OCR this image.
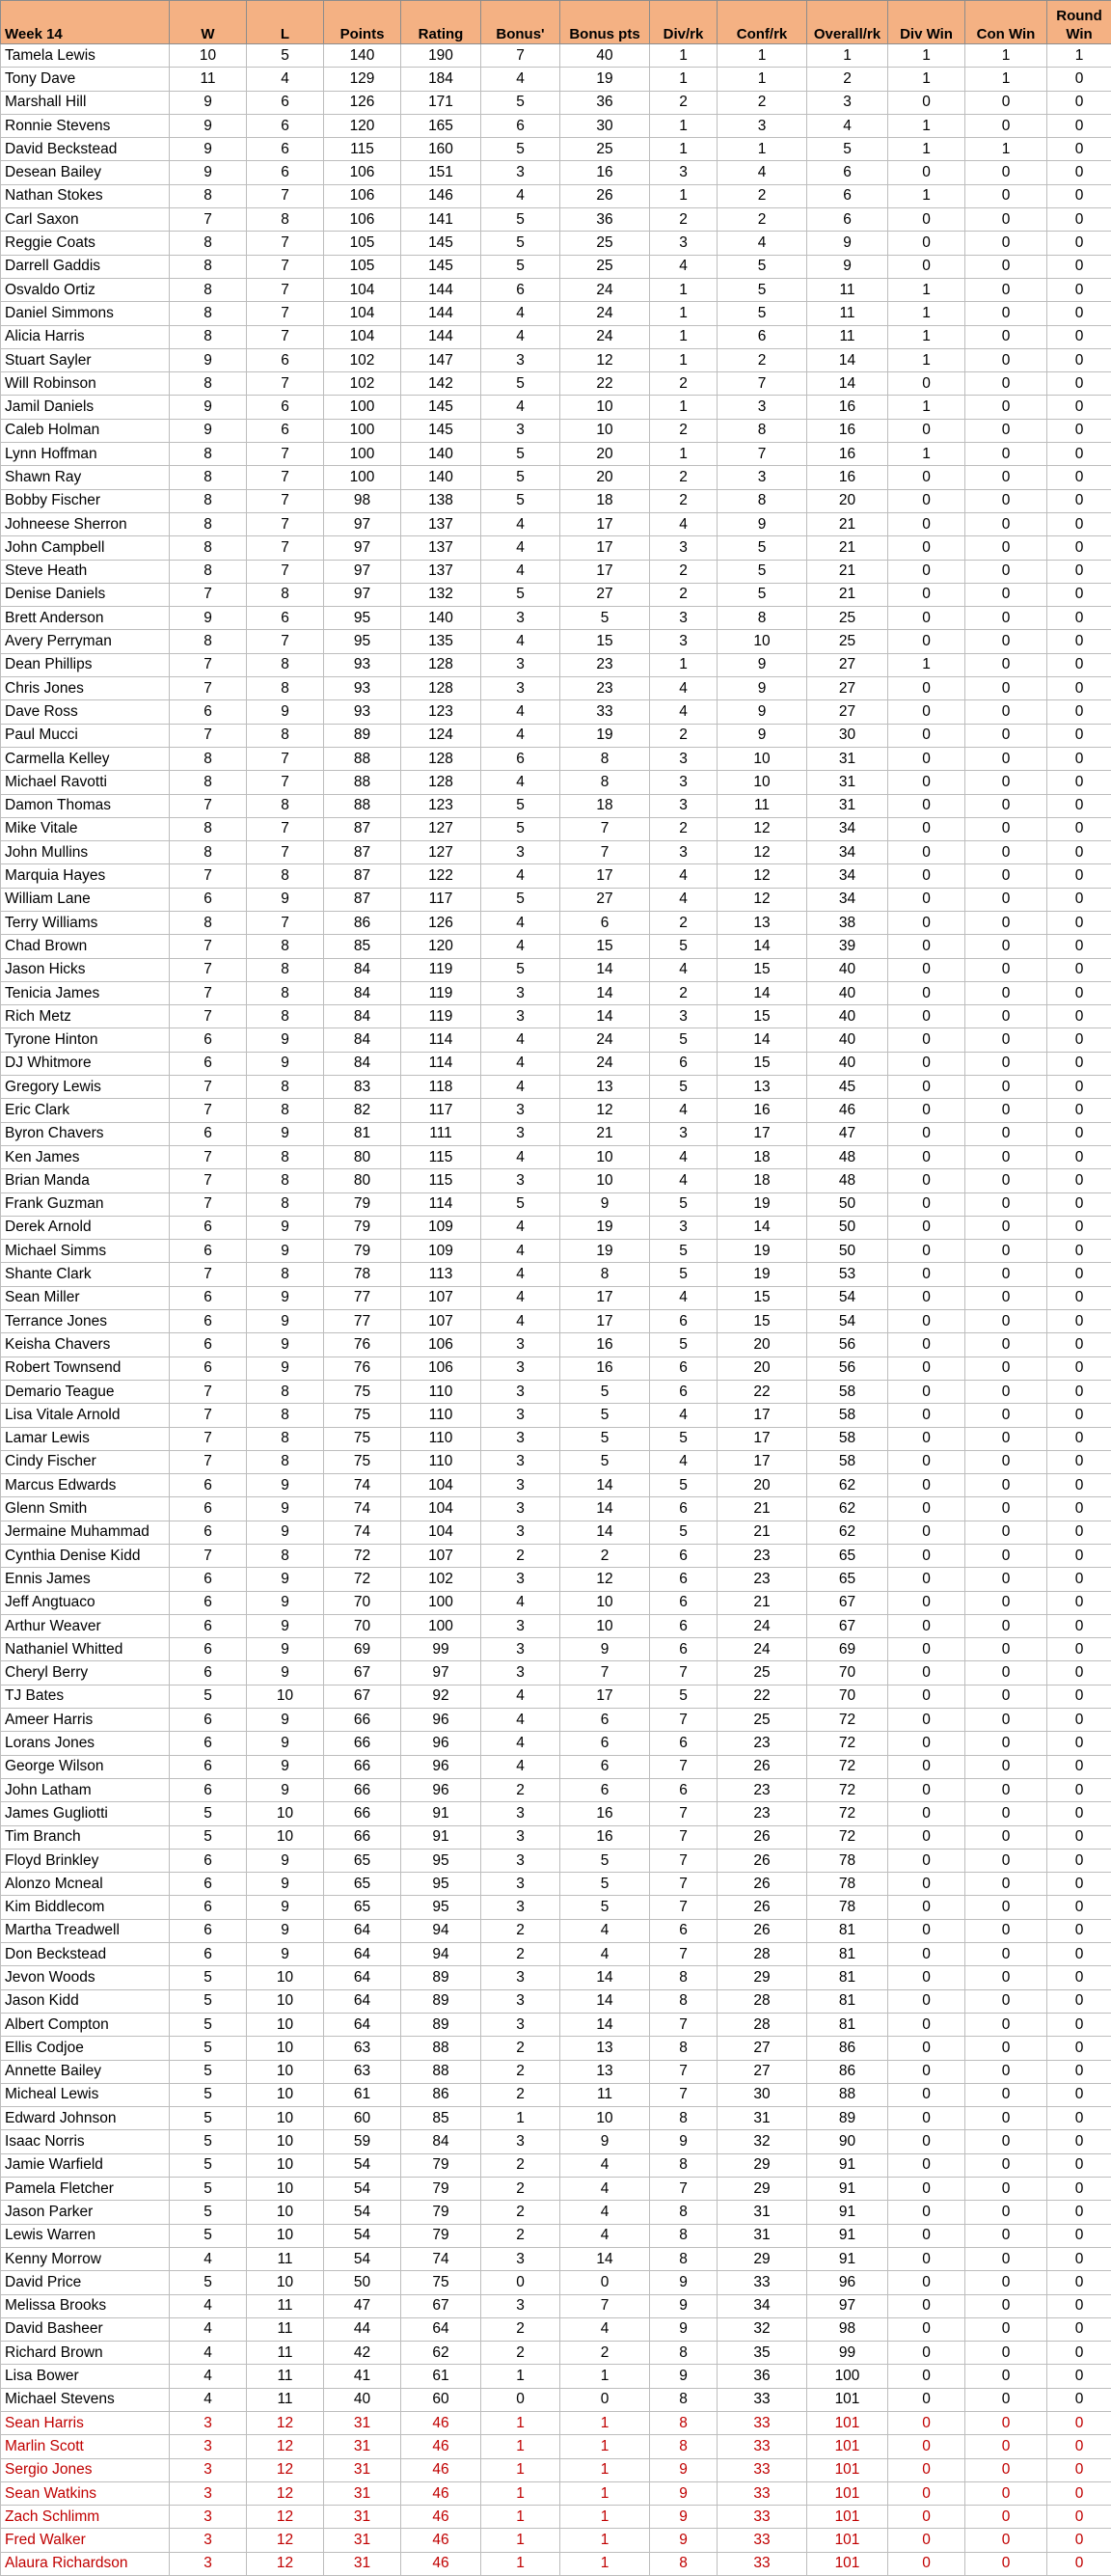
Week 14	W	L	Points	Rating	Bonus'	Bonus pts	Div/rk	Conf/rk	Overall/rk	Div Win	Con Win	Round Win
Tamela Lewis	10	5	140	190	7	40	1	1	1	1	1	1
Tony Dave	11	4	129	184	4	19	1	1	2	1	1	0
Marshall Hill	9	6	126	171	5	36	2	2	3	0	0	0
Ronnie Stevens	9	6	120	165	6	30	1	3	4	1	0	0
David Beckstead	9	6	115	160	5	25	1	1	5	1	1	0
Desean Bailey	9	6	106	151	3	16	3	4	6	0	0	0
Nathan Stokes	8	7	106	146	4	26	1	2	6	1	0	0
Carl Saxon	7	8	106	141	5	36	2	2	6	0	0	0
Reggie Coats	8	7	105	145	5	25	3	4	9	0	0	0
Darrell Gaddis	8	7	105	145	5	25	4	5	9	0	0	0
Osvaldo Ortiz	8	7	104	144	6	24	1	5	11	1	0	0
Daniel Simmons	8	7	104	144	4	24	1	5	11	1	0	0
Alicia Harris	8	7	104	144	4	24	1	6	11	1	0	0
Stuart Sayler	9	6	102	147	3	12	1	2	14	1	0	0
Will Robinson	8	7	102	142	5	22	2	7	14	0	0	0
Jamil Daniels	9	6	100	145	4	10	1	3	16	1	0	0
Caleb Holman	9	6	100	145	3	10	2	8	16	0	0	0
Lynn Hoffman	8	7	100	140	5	20	1	7	16	1	0	0
Shawn Ray	8	7	100	140	5	20	2	3	16	0	0	0
Bobby Fischer	8	7	98	138	5	18	2	8	20	0	0	0
Johneese Sherron	8	7	97	137	4	17	4	9	21	0	0	0
John Campbell	8	7	97	137	4	17	3	5	21	0	0	0
Steve Heath	8	7	97	137	4	17	2	5	21	0	0	0
Denise Daniels	7	8	97	132	5	27	2	5	21	0	0	0
Brett Anderson	9	6	95	140	3	5	3	8	25	0	0	0
Avery Perryman	8	7	95	135	4	15	3	10	25	0	0	0
Dean Phillips	7	8	93	128	3	23	1	9	27	1	0	0
Chris Jones	7	8	93	128	3	23	4	9	27	0	0	0
Dave Ross	6	9	93	123	4	33	4	9	27	0	0	0
Paul Mucci	7	8	89	124	4	19	2	9	30	0	0	0
Carmella Kelley	8	7	88	128	6	8	3	10	31	0	0	0
Michael Ravotti	8	7	88	128	4	8	3	10	31	0	0	0
Damon Thomas	7	8	88	123	5	18	3	11	31	0	0	0
Mike Vitale	8	7	87	127	5	7	2	12	34	0	0	0
John Mullins	8	7	87	127	3	7	3	12	34	0	0	0
Marquia Hayes	7	8	87	122	4	17	4	12	34	0	0	0
William Lane	6	9	87	117	5	27	4	12	34	0	0	0
Terry Williams	8	7	86	126	4	6	2	13	38	0	0	0
Chad Brown	7	8	85	120	4	15	5	14	39	0	0	0
Jason Hicks	7	8	84	119	5	14	4	15	40	0	0	0
Tenicia James	7	8	84	119	3	14	2	14	40	0	0	0
Rich Metz	7	8	84	119	3	14	3	15	40	0	0	0
Tyrone Hinton	6	9	84	114	4	24	5	14	40	0	0	0
DJ Whitmore	6	9	84	114	4	24	6	15	40	0	0	0
Gregory Lewis	7	8	83	118	4	13	5	13	45	0	0	0
Eric Clark	7	8	82	117	3	12	4	16	46	0	0	0
Byron Chavers	6	9	81	111	3	21	3	17	47	0	0	0
Ken James	7	8	80	115	4	10	4	18	48	0	0	0
Brian Manda	7	8	80	115	3	10	4	18	48	0	0	0
Frank Guzman	7	8	79	114	5	9	5	19	50	0	0	0
Derek Arnold	6	9	79	109	4	19	3	14	50	0	0	0
Michael Simms	6	9	79	109	4	19	5	19	50	0	0	0
Shante Clark	7	8	78	113	4	8	5	19	53	0	0	0
Sean Miller	6	9	77	107	4	17	4	15	54	0	0	0
Terrance Jones	6	9	77	107	4	17	6	15	54	0	0	0
Keisha Chavers	6	9	76	106	3	16	5	20	56	0	0	0
Robert Townsend	6	9	76	106	3	16	6	20	56	0	0	0
Demario Teague	7	8	75	110	3	5	6	22	58	0	0	0
Lisa Vitale Arnold	7	8	75	110	3	5	4	17	58	0	0	0
Lamar Lewis	7	8	75	110	3	5	5	17	58	0	0	0
Cindy Fischer	7	8	75	110	3	5	4	17	58	0	0	0
Marcus Edwards	6	9	74	104	3	14	5	20	62	0	0	0
Glenn Smith	6	9	74	104	3	14	6	21	62	0	0	0
Jermaine Muhammad	6	9	74	104	3	14	5	21	62	0	0	0
Cynthia Denise Kidd	7	8	72	107	2	2	6	23	65	0	0	0
Ennis James	6	9	72	102	3	12	6	23	65	0	0	0
Jeff Angtuaco	6	9	70	100	4	10	6	21	67	0	0	0
Arthur Weaver	6	9	70	100	3	10	6	24	67	0	0	0
Nathaniel Whitted	6	9	69	99	3	9	6	24	69	0	0	0
Cheryl Berry	6	9	67	97	3	7	7	25	70	0	0	0
TJ Bates	5	10	67	92	4	17	5	22	70	0	0	0
Ameer Harris	6	9	66	96	4	6	7	25	72	0	0	0
Lorans Jones	6	9	66	96	4	6	6	23	72	0	0	0
George Wilson	6	9	66	96	4	6	7	26	72	0	0	0
John Latham	6	9	66	96	2	6	6	23	72	0	0	0
James Gugliotti	5	10	66	91	3	16	7	23	72	0	0	0
Tim Branch	5	10	66	91	3	16	7	26	72	0	0	0
Floyd Brinkley	6	9	65	95	3	5	7	26	78	0	0	0
Alonzo Mcneal	6	9	65	95	3	5	7	26	78	0	0	0
Kim Biddlecom	6	9	65	95	3	5	7	26	78	0	0	0
Martha Treadwell	6	9	64	94	2	4	6	26	81	0	0	0
Don Beckstead	6	9	64	94	2	4	7	28	81	0	0	0
Jevon Woods	5	10	64	89	3	14	8	29	81	0	0	0
Jason Kidd	5	10	64	89	3	14	8	28	81	0	0	0
Albert Compton	5	10	64	89	3	14	7	28	81	0	0	0
Ellis Codjoe	5	10	63	88	2	13	8	27	86	0	0	0
Annette Bailey	5	10	63	88	2	13	7	27	86	0	0	0
Micheal Lewis	5	10	61	86	2	11	7	30	88	0	0	0
Edward Johnson	5	10	60	85	1	10	8	31	89	0	0	0
Isaac Norris	5	10	59	84	3	9	9	32	90	0	0	0
Jamie Warfield	5	10	54	79	2	4	8	29	91	0	0	0
Pamela Fletcher	5	10	54	79	2	4	7	29	91	0	0	0
Jason Parker	5	10	54	79	2	4	8	31	91	0	0	0
Lewis Warren	5	10	54	79	2	4	8	31	91	0	0	0
Kenny Morrow	4	11	54	74	3	14	8	29	91	0	0	0
David Price	5	10	50	75	0	0	9	33	96	0	0	0
Melissa Brooks	4	11	47	67	3	7	9	34	97	0	0	0
David Basheer	4	11	44	64	2	4	9	32	98	0	0	0
Richard Brown	4	11	42	62	2	2	8	35	99	0	0	0
Lisa Bower	4	11	41	61	1	1	9	36	100	0	0	0
Michael Stevens	4	11	40	60	0	0	8	33	101	0	0	0
Sean Harris	3	12	31	46	1	1	8	33	101	0	0	0
Marlin Scott	3	12	31	46	1	1	8	33	101	0	0	0
Sergio Jones	3	12	31	46	1	1	9	33	101	0	0	0
Sean Watkins	3	12	31	46	1	1	9	33	101	0	0	0
Zach Schlimm	3	12	31	46	1	1	9	33	101	0	0	0
Fred Walker	3	12	31	46	1	1	9	33	101	0	0	0
Alaura Richardson	3	12	31	46	1	1	8	33	101	0	0	0
